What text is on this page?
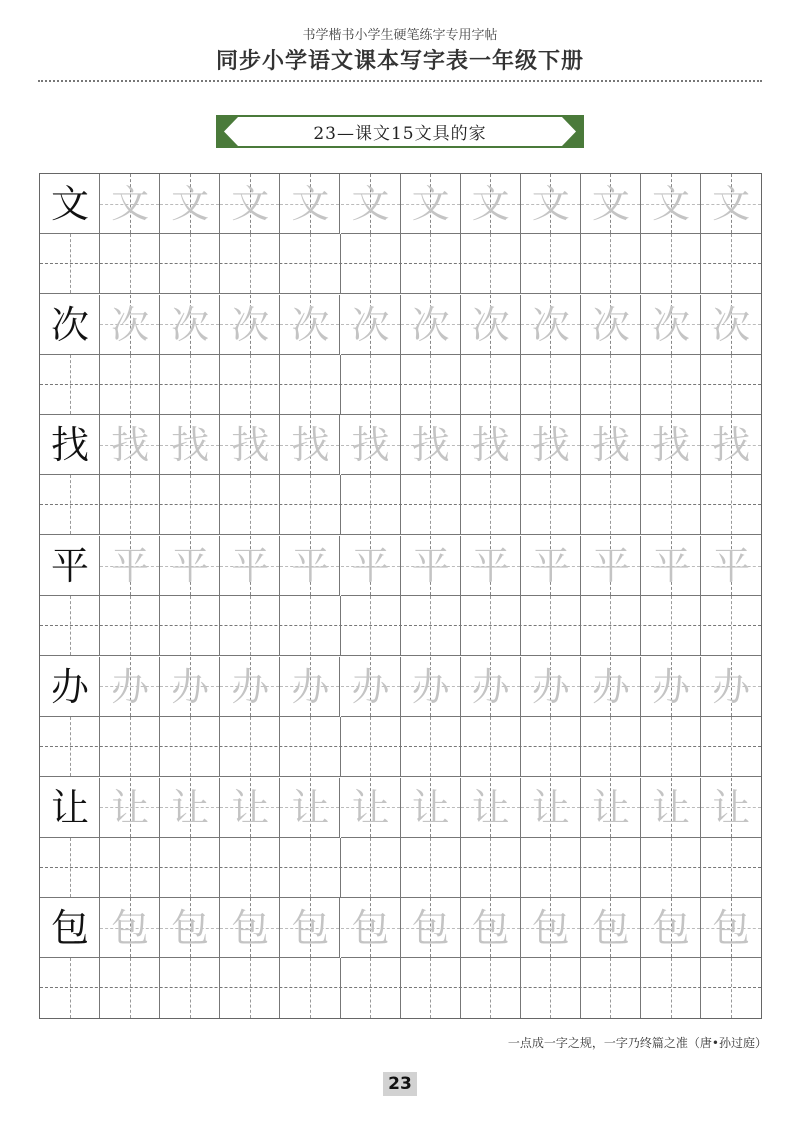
书学楷书小学生硬笔练字专用字帖
同步小学语文课本写字表一年级下册
23—课文15文具的家
文 文 文 文 文 文 文 文 文 文 文 文
次 次 次 次 次 次 次 次 次 次 次 次
找 找 找 找 找 找 找 找 找 找 找 找
平 平 平 平 平 平 平 平 平 平 平 平
办 办 办 办 办 办 办 办 办 办 办 办
让 让 让 让 让 让 让 让 让 让 让 让
包 包 包 包 包 包 包 包 包 包 包 包
一点成一字之规，一字乃终篇之准（唐•孙过庭）
23
